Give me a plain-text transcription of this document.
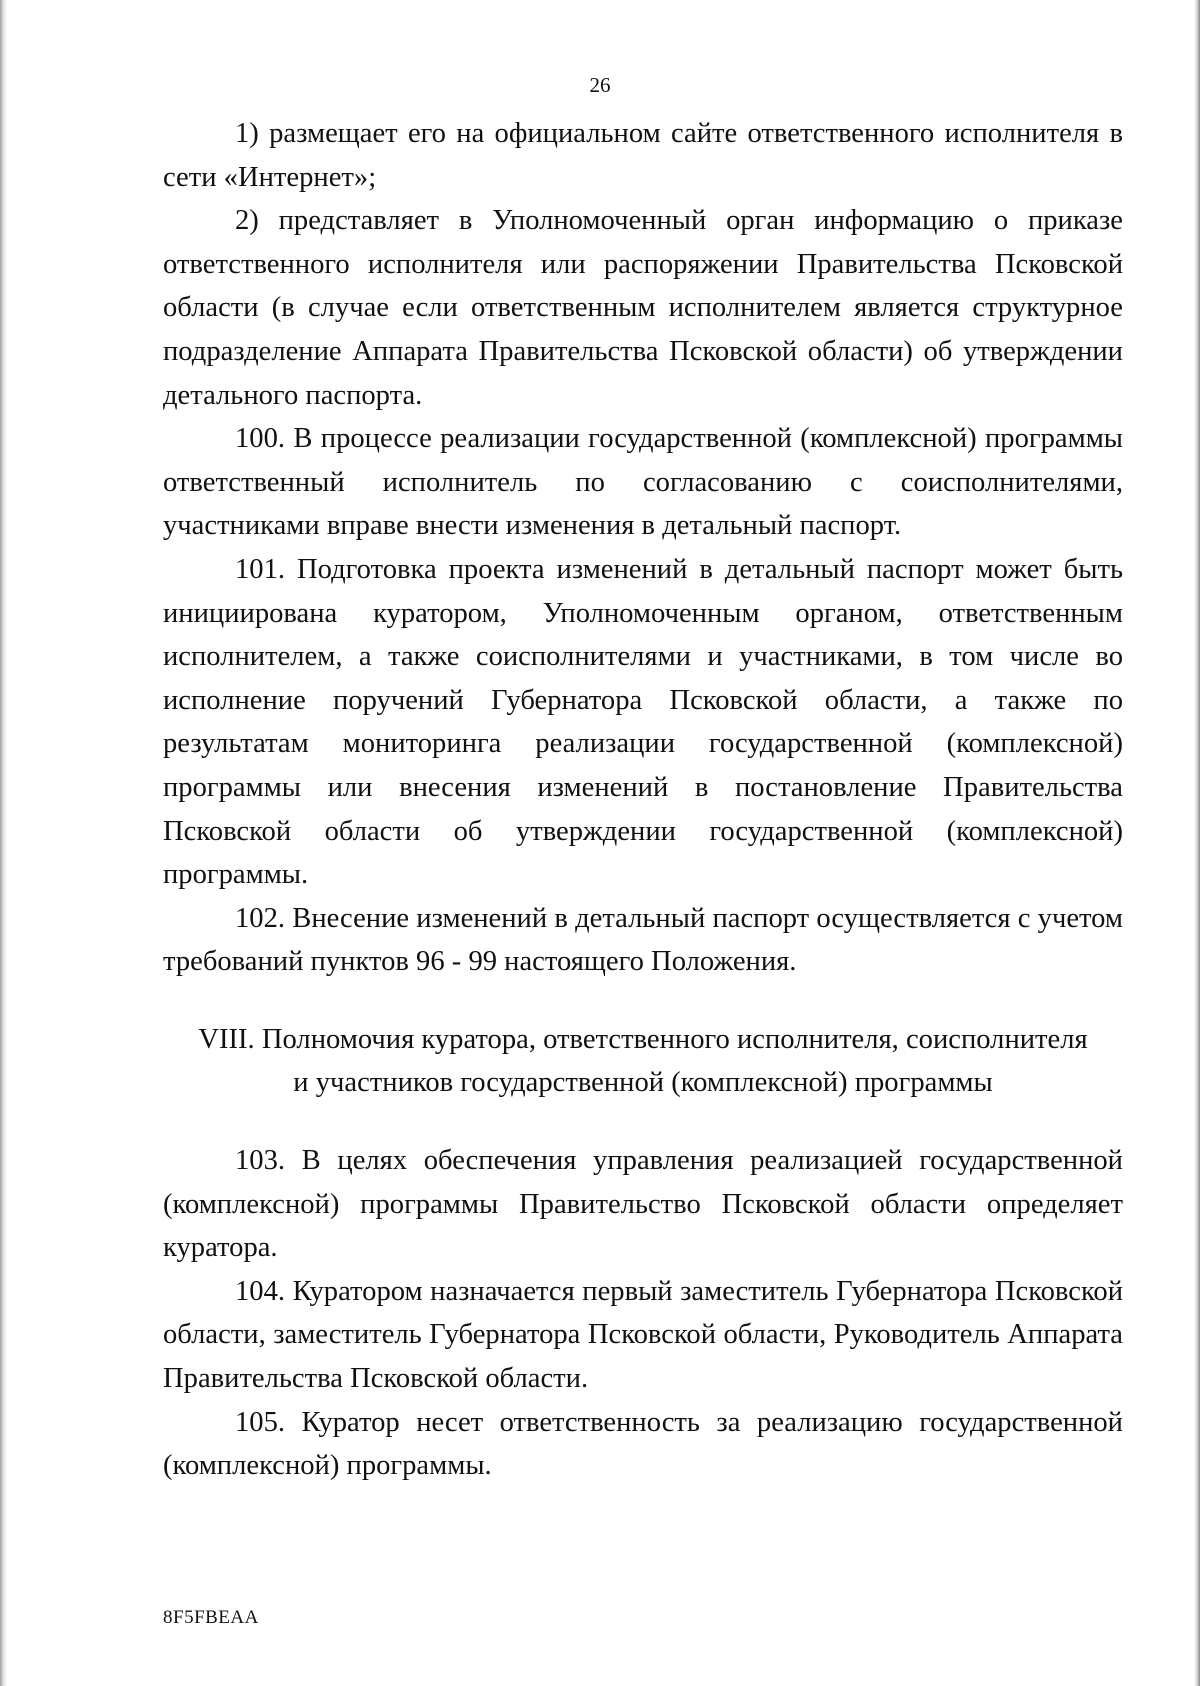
26

1) размещает его на официальном сайте ответственного исполнителя в сети «Интернет»;

2) представляет в Уполномоченный орган информацию о приказе ответственного исполнителя или распоряжении Правительства Псковской области (в случае если ответственным исполнителем является структурное подразделение Аппарата Правительства Псковской области) об утверждении детального паспорта.

100. В процессе реализации государственной (комплексной) программы ответственный исполнитель по согласованию с соисполнителями, участниками вправе внести изменения в детальный паспорт.

101. Подготовка проекта изменений в детальный паспорт может быть инициирована куратором, Уполномоченным органом, ответственным исполнителем, а также соисполнителями и участниками, в том числе во исполнение поручений Губернатора Псковской области, а также по результатам мониторинга реализации государственной (комплексной) программы или внесения изменений в постановление Правительства Псковской области об утверждении государственной (комплексной) программы.

102. Внесение изменений в детальный паспорт осуществляется с учетом требований пунктов 96 - 99 настоящего Положения.

VIII. Полномочия куратора, ответственного исполнителя, соисполнителя
и участников государственной (комплексной) программы

103. В целях обеспечения управления реализацией государственной (комплексной) программы Правительство Псковской области определяет куратора.

104. Куратором назначается первый заместитель Губернатора Псковской области, заместитель Губернатора Псковской области, Руководитель Аппарата Правительства Псковской области.

105. Куратор несет ответственность за реализацию государственной (комплексной) программы.

8F5FBEAA
